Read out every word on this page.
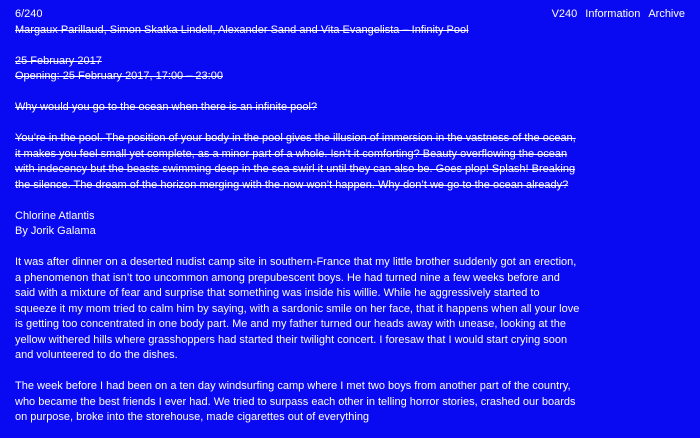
V240 Information Archive

6/240

Margaux Parillaud, Simon Skatka Lindell, Alexander Sand and Vita Evangelista – Infinity Pool

25 February 2017

Opening: 25 February 2017, 17:00 – 23:00

Why would you go to the ocean when there is an infinite pool?

You’re in the pool. The position of your body in the pool gives the illusion of immersion in the vastness of the ocean, it makes you feel small yet complete, as a minor part of a whole. Isn’t it comforting? Beauty overflowing the ocean with indecency but the beasts swimming deep in the sea swirl it until they can also be. Goes plop! Splash! Breaking the silence. The dream of the horizon merging with the now won’t happen. Why don’t we go to the ocean already?

Chlorine Atlantis

By Jorik Galama

It was after dinner on a deserted nudist camp site in southern-France that my little brother suddenly got an erection, a phenomenon that isn’t too uncommon among prepubescent boys. He had turned nine a few weeks before and said with a mixture of fear and surprise that something was inside his willie. While he aggressively started to squeeze it my mom tried to calm him by saying, with a sardonic smile on her face, that it happens when all your love is getting too concentrated in one body part. Me and my father turned our heads away with unease, looking at the yellow withered hills where grasshoppers had started their twilight concert. I foresaw that I would start crying soon and volunteered to do the dishes.

The week before I had been on a ten day windsurfing camp where I met two boys from another part of the country, who became the best friends I ever had. We tried to surpass each other in telling horror stories, crashed our boards on purpose, broke into the storehouse, made cigarettes out of everything
